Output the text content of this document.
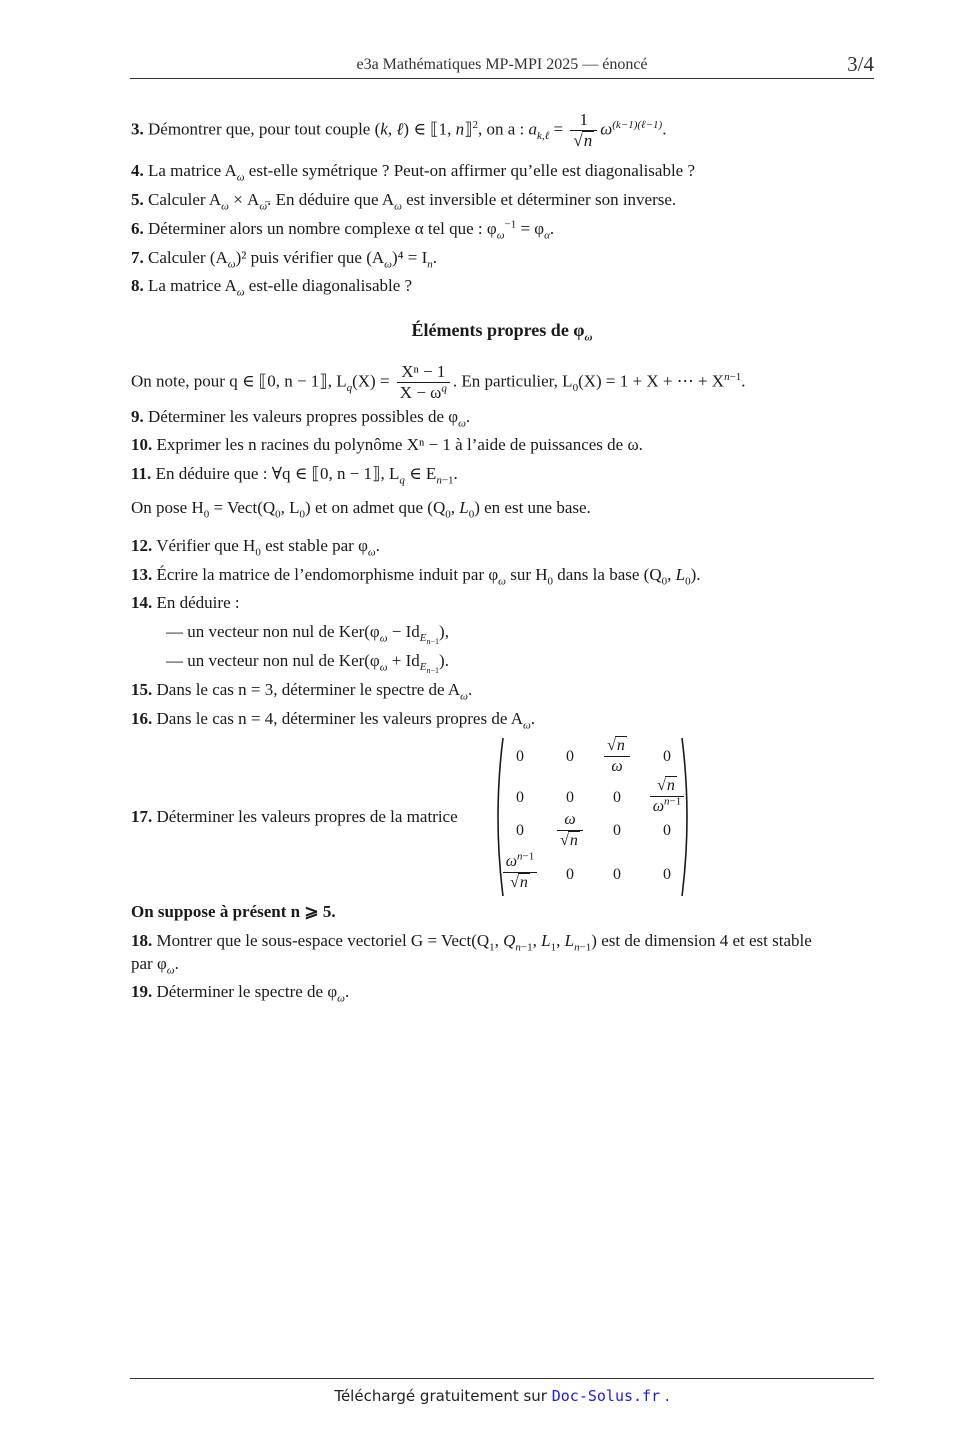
e3a Mathématiques MP-MPI 2025 — énoncé	3/4
3. Démontrer que, pour tout couple (k, ℓ) ∈ ⟦1, n⟧$^2$, on a : $a_{k,\ell} = \frac{1}{√n} \omega^{(k-1)(\ell-1)}$.
4. La matrice $A_\omega$ est-elle symétrique ? Peut-on affirmer qu’elle est diagonalisable ?
5. Calculer $A_\omega \times A_{\omega̅}$. En déduire que $A_\omega$ est inversible et déterminer son inverse.
6. Déterminer alors un nombre complexe α tel que : $\varphi_\omega^{-1} = \varphi_\alpha$.
7. Calculer $(A_\omega)^2$ puis vérifier que $(A_\omega)^4 = I_n$.
8. La matrice $A_\omega$ est-elle diagonalisable ?
Éléments propres de $\varphi_\omega$
On note, pour q ∈ ⟦0, n − 1⟧, $L_q(X) = \frac{\text{Xⁿ − 1}}{X - \omega^q}$ . En particulier, $L_0(X) = 1 + X$ + ⋯ + $X^{n-1}$.
9. Déterminer les valeurs propres possibles de $\varphi_\omega$.
10. Exprimer les n racines du polynôme Xⁿ − 1 à l’aide de puissances de ω.
11. En déduire que : ∀q ∈ ⟦0, n − 1⟧, $L_q$ ∈ $E_{n-1}$.
On pose $H_0$ = $Vect(Q_0$, $L_0$) et on admet que ($Q_0$, $L_0$) en est une base.
12. Vérifier que $H_0$ est stable par $\varphi_\omega$.
13. Écrire la matrice de l’endomorphisme induit par $\varphi_\omega$ sur $H_0$ dans la base ($Q_0$, $L_0$).
14. En déduire :
— un vecteur non nul de $Ker(\varphi_\omega - Id_{E_{n-1}})$,
— un vecteur non nul de $Ker(\varphi_\omega + Id_{E_{n-1}})$.
15. Dans le cas n = 3, déterminer le spectre de $A_\omega$.
16. Dans le cas n = 4, déterminer les valeurs propres de $A_\omega$.
17. Déterminer les valeurs propres de la matrice
0	0	$\frac{√n}{\omega}$	0
0	0	0	$\frac{√n}{\omega^{n-1}}$
0	$\frac{\omega}{√n}$	0	0
$\frac{\omega^{n-1}}{√n}$	0	0	0
On suppose à présent n ⩾ 5.
18. Montrer que le sous-espace vectoriel $G = Vect(Q_1$, $Q_{n-1}$, $L_1$, $L_{n-1}$) est de dimension 4 et est stable
par $\varphi_\omega$.
19. Déterminer le spectre de $\varphi_\omega$.
Téléchargé gratuitement sur Doc-Solus.fr .
